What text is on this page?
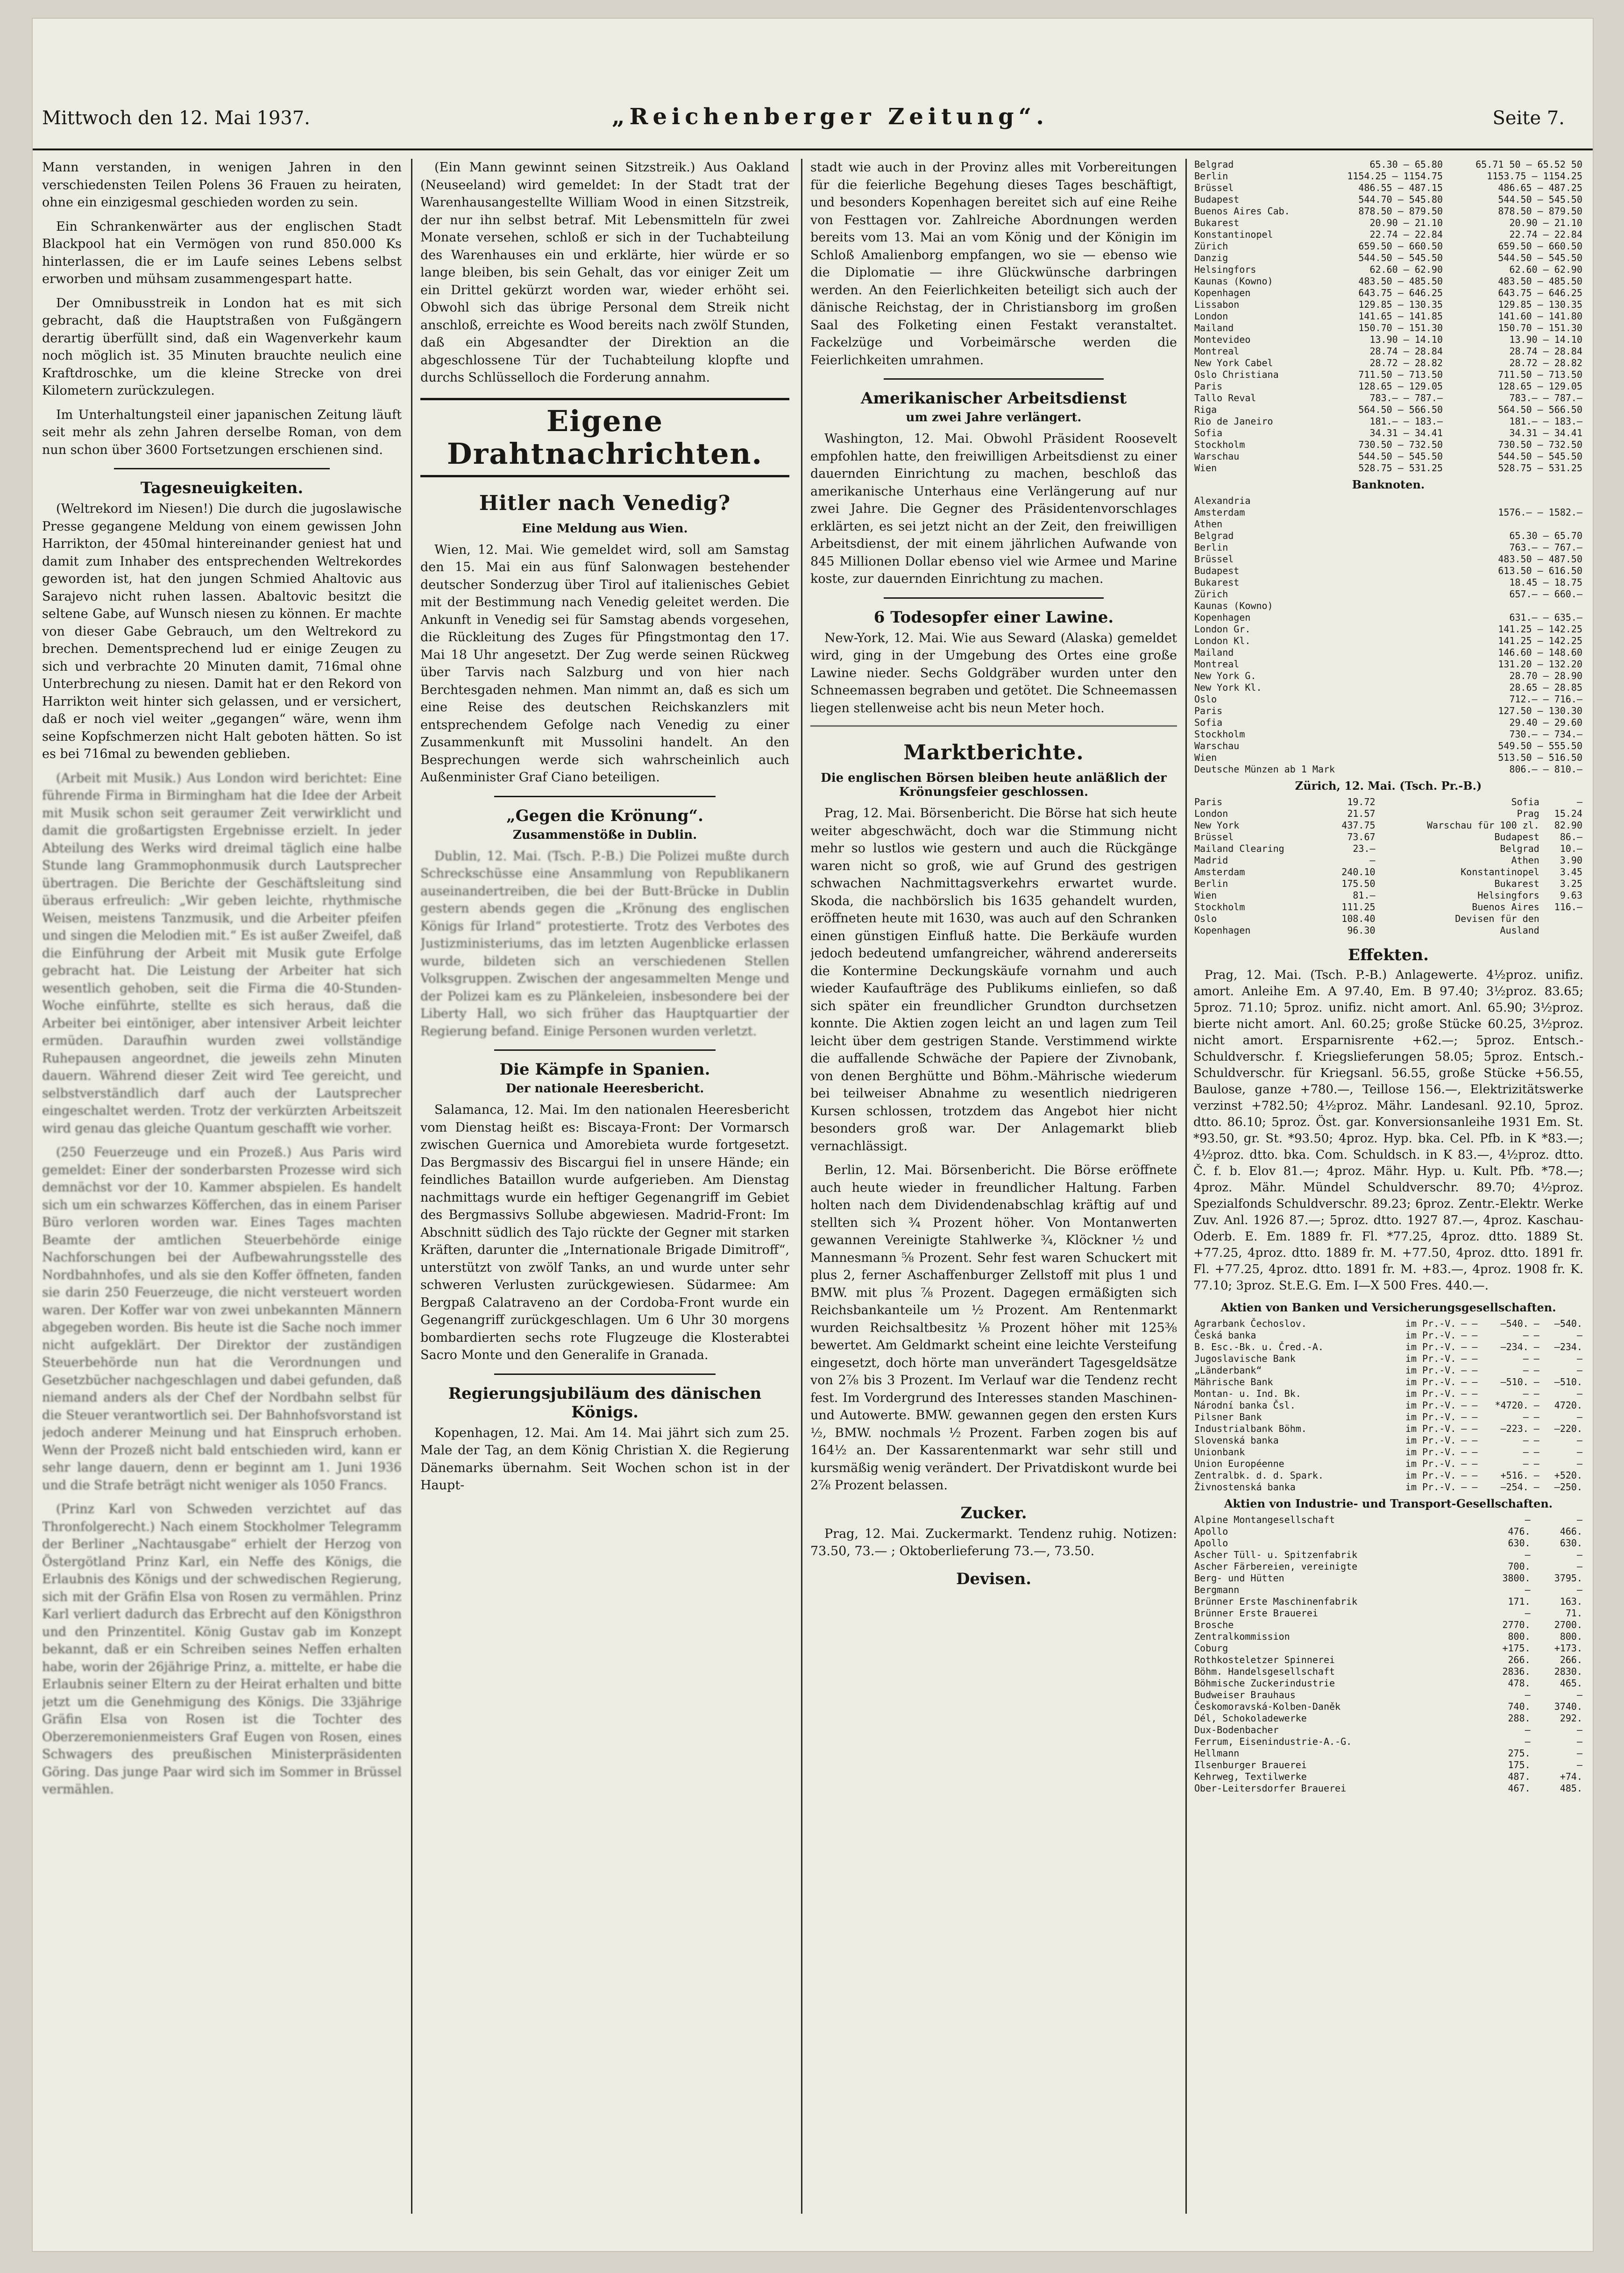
Mittwoch den 12. Mai 1937.	„Reichenberger Zeitung“.	Seite 7.

Mann verstanden, in wenigen Jahren in den verschiedensten Teilen Polens 36 Frauen zu heiraten, ohne ein einzigesmal geschieden worden zu sein.

Ein Schrankenwärter aus der englischen Stadt Blackpool hat ein Vermögen von rund 850.000 Ks hinterlassen, die er im Laufe seines Lebens selbst erworben und mühsam zusammengespart hatte.

Der Omnibusstreik in London hat es mit sich gebracht, daß die Hauptstraßen von Fußgängern derartig überfüllt sind, daß ein Wagenverkehr kaum noch möglich ist. 35 Minuten brauchte neulich eine Kraftdroschke, um die kleine Strecke von drei Kilometern zurückzulegen.

Im Unterhaltungsteil einer japanischen Zeitung läuft seit mehr als zehn Jahren derselbe Roman, von dem nun schon über 3600 Fortsetzungen erschienen sind.

Tagesneuigkeiten.

(Weltrekord im Niesen!) Die durch die jugoslawische Presse gegangene Meldung von einem gewissen John Harrikton, der 450mal hintereinander geniest hat und damit zum Inhaber des entsprechenden Weltrekordes geworden ist, hat den jungen Schmied Ahaltovic aus Sarajevo nicht ruhen lassen. Abaltovic besitzt die seltene Gabe, auf Wunsch niesen zu können. Er machte von dieser Gabe Gebrauch, um den Weltrekord zu brechen. Dementsprechend lud er einige Zeugen zu sich und verbrachte 20 Minuten damit, 716mal ohne Unterbrechung zu niesen. Damit hat er den Rekord von Harrikton weit hinter sich gelassen, und er versichert, daß er noch viel weiter „gegangen“ wäre, wenn ihm seine Kopfschmerzen nicht Halt geboten hätten. So ist es bei 716mal zu bewenden geblieben.

(Arbeit mit Musik.) Aus London wird berichtet: Eine führende Firma in Birmingham hat die Idee der Arbeit mit Musik schon seit geraumer Zeit verwirklicht und damit die großartigsten Ergebnisse erzielt. In jeder Abteilung des Werks wird dreimal täglich eine halbe Stunde lang Grammophonmusik durch Lautsprecher übertragen. Die Berichte der Geschäftsleitung sind überaus erfreulich: „Wir geben leichte, rhythmische Weisen, meistens Tanzmusik, und die Arbeiter pfeifen und singen die Melodien mit.“ Es ist außer Zweifel, daß die Einführung der Arbeit mit Musik gute Erfolge gebracht hat. Die Leistung der Arbeiter hat sich wesentlich gehoben, seit die Firma die 40-Stunden-Woche einführte, stellte es sich heraus, daß die Arbeiter bei eintöniger, aber intensiver Arbeit leichter ermüden. Daraufhin wurden zwei vollständige Ruhepausen angeordnet, die jeweils zehn Minuten dauern. Während dieser Zeit wird Tee gereicht, und selbstverständlich darf auch der Lautsprecher eingeschaltet werden. Trotz der verkürzten Arbeitszeit wird genau das gleiche Quantum geschafft wie vorher.

(250 Feuerzeuge und ein Prozeß.) Aus Paris wird gemeldet: Einer der sonderbarsten Prozesse wird sich demnächst vor der 10. Kammer abspielen. Es handelt sich um ein schwarzes Köfferchen, das in einem Pariser Büro verloren worden war. Eines Tages machten Beamte der amtlichen Steuerbehörde einige Nachforschungen bei der Aufbewahrungsstelle des Nordbahnhofes, und als sie den Koffer öffneten, fanden sie darin 250 Feuerzeuge, die nicht versteuert worden waren. Der Koffer war von zwei unbekannten Männern abgegeben worden. Bis heute ist die Sache noch immer nicht aufgeklärt. Der Direktor der zuständigen Steuerbehörde nun hat die Verordnungen und Gesetzbücher nachgeschlagen und dabei gefunden, daß niemand anders als der Chef der Nordbahn selbst für die Steuer verantwortlich sei. Der Bahnhofsvorstand ist jedoch anderer Meinung und hat Einspruch erhoben. Wenn der Prozeß nicht bald entschieden wird, kann er sehr lange dauern, denn er beginnt am 1. Juni 1936 und die Strafe beträgt nicht weniger als 1050 Francs.

(Prinz Karl von Schweden verzichtet auf das Thronfolgerecht.) Nach einem Stockholmer Telegramm der Berliner „Nachtausgabe“ erhielt der Herzog von Östergötland Prinz Karl, ein Neffe des Königs, die Erlaubnis des Königs und der schwedischen Regierung, sich mit der Gräfin Elsa von Rosen zu vermählen. Prinz Karl verliert dadurch das Erbrecht auf den Königsthron und den Prinzentitel. König Gustav gab im Konzept bekannt, daß er ein Schreiben seines Neffen erhalten habe, worin der 26jährige Prinz, a. mittelte, er habe die Erlaubnis seiner Eltern zu der Heirat erhalten und bitte jetzt um die Genehmigung des Königs. Die 33jährige Gräfin Elsa von Rosen ist die Tochter des Oberzeremonienmeisters Graf Eugen von Rosen, eines Schwagers des preußischen Ministerpräsidenten Göring. Das junge Paar wird sich im Sommer in Brüssel vermählen.

(Ein Mann gewinnt seinen Sitzstreik.) Aus Oakland (Neuseeland) wird gemeldet: In der Stadt trat der Warenhausangestellte William Wood in einen Sitzstreik, der nur ihn selbst betraf. Mit Lebensmitteln für zwei Monate versehen, schloß er sich in der Tuchabteilung des Warenhauses ein und erklärte, hier würde er so lange bleiben, bis sein Gehalt, das vor einiger Zeit um ein Drittel gekürzt worden war, wieder erhöht sei. Obwohl sich das übrige Personal dem Streik nicht anschloß, erreichte es Wood bereits nach zwölf Stunden, daß ein Abgesandter der Direktion an die abgeschlossene Tür der Tuchabteilung klopfte und durchs Schlüsselloch die Forderung annahm.

Eigene Drahtnachrichten.
Hitler nach Venedig?
Eine Meldung aus Wien.

Wien, 12. Mai. Wie gemeldet wird, soll am Samstag den 15. Mai ein aus fünf Salonwagen bestehender deutscher Sonderzug über Tirol auf italienisches Gebiet mit der Bestimmung nach Venedig geleitet werden. Die Ankunft in Venedig sei für Samstag abends vorgesehen, die Rückleitung des Zuges für Pfingstmontag den 17. Mai 18 Uhr angesetzt. Der Zug werde seinen Rückweg über Tarvis nach Salzburg und von hier nach Berchtesgaden nehmen. Man nimmt an, daß es sich um eine Reise des deutschen Reichskanzlers mit entsprechendem Gefolge nach Venedig zu einer Zusammenkunft mit Mussolini handelt. An den Besprechungen werde sich wahrscheinlich auch Außenminister Graf Ciano beteiligen.

„Gegen die Krönung“.
Zusammenstöße in Dublin.

Dublin, 12. Mai. (Tsch. P.-B.) Die Polizei mußte durch Schreckschüsse eine Ansammlung von Republikanern auseinandertreiben, die bei der Butt-Brücke in Dublin gestern abends gegen die „Krönung des englischen Königs für Irland“ protestierte. Trotz des Verbotes des Justizministeriums, das im letzten Augenblicke erlassen wurde, bildeten sich an verschiedenen Stellen Volksgruppen. Zwischen der angesammelten Menge und der Polizei kam es zu Plänkeleien, insbesondere bei der Liberty Hall, wo sich früher das Hauptquartier der Regierung befand. Einige Personen wurden verletzt.

Die Kämpfe in Spanien.
Der nationale Heeresbericht.

Salamanca, 12. Mai. Im den nationalen Heeresbericht vom Dienstag heißt es: Biscaya-Front: Der Vormarsch zwischen Guernica und Amorebieta wurde fortgesetzt. Das Bergmassiv des Biscargui fiel in unsere Hände; ein feindliches Bataillon wurde aufgerieben. Am Dienstag nachmittags wurde ein heftiger Gegenangriff im Gebiet des Bergmassivs Sollube abgewiesen. Madrid-Front: Im Abschnitt südlich des Tajo rückte der Gegner mit starken Kräften, darunter die „Internationale Brigade Dimitroff“, unterstützt von zwölf Tanks, an und wurde unter sehr schweren Verlusten zurückgewiesen. Südarmee: Am Bergpaß Calatraveno an der Cordoba-Front wurde ein Gegenangriff zurückgeschlagen. Um 6 Uhr 30 morgens bombardierten sechs rote Flugzeuge die Klosterabtei Sacro Monte und den Generalife in Granada.

Regierungsjubiläum des dänischen Königs.

Kopenhagen, 12. Mai. Am 14. Mai jährt sich zum 25. Male der Tag, an dem König Christian X. die Regierung Dänemarks übernahm. Seit Wochen schon ist in der Haupt-

stadt wie auch in der Provinz alles mit Vorbereitungen für die feierliche Begehung dieses Tages beschäftigt, und besonders Kopenhagen bereitet sich auf eine Reihe von Festtagen vor. Zahlreiche Abordnungen werden bereits vom 13. Mai an vom König und der Königin im Schloß Amalienborg empfangen, wo sie — ebenso wie die Diplomatie — ihre Glückwünsche darbringen werden. An den Feierlichkeiten beteiligt sich auch der dänische Reichstag, der in Christiansborg im großen Saal des Folketing einen Festakt veranstaltet. Fackelzüge und Vorbeimärsche werden die Feierlichkeiten umrahmen.

Amerikanischer Arbeitsdienst
um zwei Jahre verlängert.

Washington, 12. Mai. Obwohl Präsident Roosevelt empfohlen hatte, den freiwilligen Arbeitsdienst zu einer dauernden Einrichtung zu machen, beschloß das amerikanische Unterhaus eine Verlängerung auf nur zwei Jahre. Die Gegner des Präsidentenvorschlages erklärten, es sei jetzt nicht an der Zeit, den freiwilligen Arbeitsdienst, der mit einem jährlichen Aufwande von 845 Millionen Dollar ebenso viel wie Armee und Marine koste, zur dauernden Einrichtung zu machen.

6 Todesopfer einer Lawine.

New-York, 12. Mai. Wie aus Seward (Alaska) gemeldet wird, ging in der Umgebung des Ortes eine große Lawine nieder. Sechs Goldgräber wurden unter den Schneemassen begraben und getötet. Die Schneemassen liegen stellenweise acht bis neun Meter hoch.

Marktberichte.
Die englischen Börsen bleiben heute anläßlich der Krönungsfeier geschlossen.

Prag, 12. Mai. Börsenbericht. Die Börse hat sich heute weiter abgeschwächt, doch war die Stimmung nicht mehr so lustlos wie gestern und auch die Rückgänge waren nicht so groß, wie auf Grund des gestrigen schwachen Nachmittagsverkehrs erwartet wurde. Skoda, die nachbörslich bis 1635 gehandelt wurden, eröffneten heute mit 1630, was auch auf den Schranken einen günstigen Einfluß hatte. Die Berkäufe wurden jedoch bedeutend umfangreicher, während andererseits die Kontermine Deckungskäufe vornahm und auch wieder Kaufaufträge des Publikums einliefen, so daß sich später ein freundlicher Grundton durchsetzen konnte. Die Aktien zogen leicht an und lagen zum Teil leicht über dem gestrigen Stande. Verstimmend wirkte die auffallende Schwäche der Papiere der Zivnobank, von denen Berghütte und Böhm.-Mährische wiederum bei teilweiser Abnahme zu wesentlich niedrigeren Kursen schlossen, trotzdem das Angebot hier nicht besonders groß war. Der Anlagemarkt blieb vernachlässigt.

Berlin, 12. Mai. Börsenbericht. Die Börse eröffnete auch heute wieder in freundlicher Haltung. Farben holten nach dem Dividendenabschlag kräftig auf und stellten sich ¾ Prozent höher. Von Montanwerten gewannen Vereinigte Stahlwerke ¾, Klöckner ½ und Mannesmann ⅝ Prozent. Sehr fest waren Schuckert mit plus 2, ferner Aschaffenburger Zellstoff mit plus 1 und BMW. mit plus ⅞ Prozent. Dagegen ermäßigten sich Reichsbankanteile um ½ Prozent. Am Rentenmarkt wurden Reichsaltbesitz ⅛ Prozent höher mit 125⅜ bewertet. Am Geldmarkt scheint eine leichte Versteifung eingesetzt, doch hörte man unverändert Tagesgeldsätze von 2⅞ bis 3 Prozent. Im Verlauf war die Tendenz recht fest. Im Vordergrund des Interesses standen Maschinen- und Autowerte. BMW. gewannen gegen den ersten Kurs ½, BMW. nochmals ½ Prozent. Farben zogen bis auf 164½ an. Der Kassarentenmarkt war sehr still und kursmäßig wenig verändert. Der Privatdiskont wurde bei 2⅞ Prozent belassen.

Zucker.

Prag, 12. Mai. Zuckermarkt. Tendenz ruhig. Notizen: 73.50, 73.— ; Oktoberlieferung 73.—, 73.50.

Devisen.
Belgrad	65.30 — 65.80	65.71 50 — 65.52 50
Berlin	1154.25 — 1154.75	1153.75 — 1154.25
Brüssel	486.55 — 487.15	486.65 — 487.25
Budapest	544.70 — 545.80	544.50 — 545.50
Buenos Aires Cab.	878.50 — 879.50	878.50 — 879.50
Bukarest	20.90 — 21.10	20.90 — 21.10
Konstantinopel	22.74 — 22.84	22.74 — 22.84
Zürich	659.50 — 660.50	659.50 — 660.50
Danzig	544.50 — 545.50	544.50 — 545.50
Helsingfors	62.60 — 62.90	62.60 — 62.90
Kaunas (Kowno)	483.50 — 485.50	483.50 — 485.50
Kopenhagen	643.75 — 646.25	643.75 — 646.25
Lissabon	129.85 — 130.35	129.85 — 130.35
London	141.65 — 141.85	141.60 — 141.80
Mailand	150.70 — 151.30	150.70 — 151.30
Montevideo	13.90 — 14.10	13.90 — 14.10
Montreal	28.74 — 28.84	28.74 — 28.84
New York Cabel	28.72 — 28.82	28.72 — 28.82
Oslo Christiana	711.50 — 713.50	711.50 — 713.50
Paris	128.65 — 129.05	128.65 — 129.05
Tallo Reval	783.— — 787.—	783.— — 787.—
Riga	564.50 — 566.50	564.50 — 566.50
Rio de Janeiro	181.— — 183.—	181.— — 183.—
Sofia	34.31 — 34.41	34.31 — 34.41
Stockholm	730.50 — 732.50	730.50 — 732.50
Warschau	544.50 — 545.50	544.50 — 545.50
Wien	528.75 — 531.25	528.75 — 531.25
Banknoten.
Alexandria	
Amsterdam	1576.— — 1582.—
Athen	
Belgrad	65.30 — 65.70
Berlin	763.— — 767.—
Brüssel	483.50 — 487.50
Budapest	613.50 — 616.50
Bukarest	18.45 — 18.75
Zürich	657.— — 660.—
Kaunas (Kowno)	
Kopenhagen	631.— — 635.—
London Gr.	141.25 — 142.25
London Kl.	141.25 — 142.25
Mailand	146.60 — 148.60
Montreal	131.20 — 132.20
New York G.	28.70 — 28.90
New York Kl.	28.65 — 28.85
Oslo	712.— — 716.—
Paris	127.50 — 130.30
Sofia	29.40 — 29.60
Stockholm	730.— — 734.—
Warschau	549.50 — 555.50
Wien	513.50 — 516.50
Deutsche Münzen ab 1 Mark	806.— — 810.—
Zürich, 12. Mai. (Tsch. Pr.-B.)
Paris	19.72	Sofia	—
London	21.57	Prag	15.24
New York	437.75	Warschau für 100 zl.	82.90
Brüssel	73.67	Budapest	86.—
Mailand Clearing	23.—	Belgrad	10.—
Madrid	—	Athen	3.90
Amsterdam	240.10	Konstantinopel	3.45
Berlin	175.50	Bukarest	3.25
Wien	81.—	Helsingfors	9.63
Stockholm	111.25	Buenos Aires	116.—
Oslo	108.40	Devisen für den	
Kopenhagen	96.30	Ausland	
Effekten.

Prag, 12. Mai. (Tsch. P.-B.) Anlagewerte. 4½proz. unifiz. amort. Anleihe Em. A 97.40, Em. B 97.40; 3½proz. 83.65; 5proz. 71.10; 5proz. unifiz. nicht amort. Anl. 65.90; 3½proz. bierte nicht amort. Anl. 60.25; große Stücke 60.25, 3½proz. nicht amort. Ersparnisrente +62.—; 5proz. Entsch.-Schuldverschr. f. Kriegslieferungen 58.05; 5proz. Entsch.-Schuldverschr. für Kriegsanl. 56.55, große Stücke +56.55, Baulose, ganze +780.—, Teillose 156.—, Elektrizitätswerke verzinst +782.50; 4½proz. Mähr. Landesanl. 92.10, 5proz. dtto. 86.10; 5proz. Öst. gar. Konversionsanleihe 1931 Em. St. *93.50, gr. St. *93.50; 4proz. Hyp. bka. Cel. Pfb. in K *83.—; 4½proz. dtto. bka. Com. Schuldsch. in K 83.—, 4½proz. dtto. Č. f. b. Elov 81.—; 4proz. Mähr. Hyp. u. Kult. Pfb. *78.—; 4proz. Mähr. Mündel Schuldverschr. 89.70; 4½proz. Spezialfonds Schuldverschr. 89.23; 6proz. Zentr.-Elektr. Werke Zuv. Anl. 1926 87.—; 5proz. dtto. 1927 87.—, 4proz. Kaschau-Oderb. E. Em. 1889 fr. Fl. *77.25, 4proz. dtto. 1889 St. +77.25, 4proz. dtto. 1889 fr. M. +77.50, 4proz. dtto. 1891 fr. Fl. +77.25, 4proz. dtto. 1891 fr. M. +83.—, 4proz. 1908 fr. K. 77.10; 3proz. St.E.G. Em. I—X 500 Fres. 440.—.

Aktien von Banken und Versicherungsgesellschaften.
Agrarbank Čechoslov.	im Pr.-V.	—	—	—540.	—	—540.
Česká banka	im Pr.-V.	—	—	—	—	—
B. Esc.-Bk. u. Čred.-A.	im Pr.-V.	—	—	—234.	—	—234.
Jugoslavische Bank	im Pr.-V.	—	—	—	—	—
„Länderbank“	im Pr.-V.	—	—	—	—	—
Mährische Bank	im Pr.-V.	—	—	—510.	—	—510.
Montan- u. Ind. Bk.	im Pr.-V.	—	—	—	—	—
Národní banka Čsl.	im Pr.-V.	—	—	*4720.	—	4720.
Pilsner Bank	im Pr.-V.	—	—	—	—	—
Industrialbank Böhm.	im Pr.-V.	—	—	—223.	—	—220.
Slovenská banka	im Pr.-V.	—	—	—	—	—
Unionbank	im Pr.-V.	—	—	—	—	—
Union Européenne	im Pr.-V.	—	—	—	—	—
Zentralbk. d. d. Spark.	im Pr.-V.	—	—	+516.	—	+520.
Živnostenská banka	im Pr.-V.	—	—	—254.	—	—250.
Aktien von Industrie- und Transport-Gesellschaften.
Alpine Montangesellschaft	—	—
Apollo	476.	466.
Apollo	630.	630.
Ascher Tüll- u. Spitzenfabrik	—	—
Ascher Färbereien, vereinigte	700.	—
Berg- und Hütten	3800.	3795.
Bergmann	—	—
Brünner Erste Maschinenfabrik	171.	163.
Brünner Erste Brauerei	—	71.
Brosche	2770.	2700.
Zentralkommission	800.	800.
Coburg	+175.	+173.
Rothkosteletzer Spinnerei	266.	266.
Böhm. Handelsgesellschaft	2836.	2830.
Böhmische Zuckerindustrie	478.	465.
Budweiser Brauhaus	—	—
Českomoravská-Kolben-Daněk	740.	3740.
Dél, Schokoladewerke	288.	292.
Dux-Bodenbacher	—	—
Ferrum, Eisenindustrie-A.-G.	—	—
Hellmann	275.	—
Ilsenburger Brauerei	175.	—
Kehrweg, Textilwerke	487.	+74.
Ober-Leitersdorfer Brauerei	467.	485.
